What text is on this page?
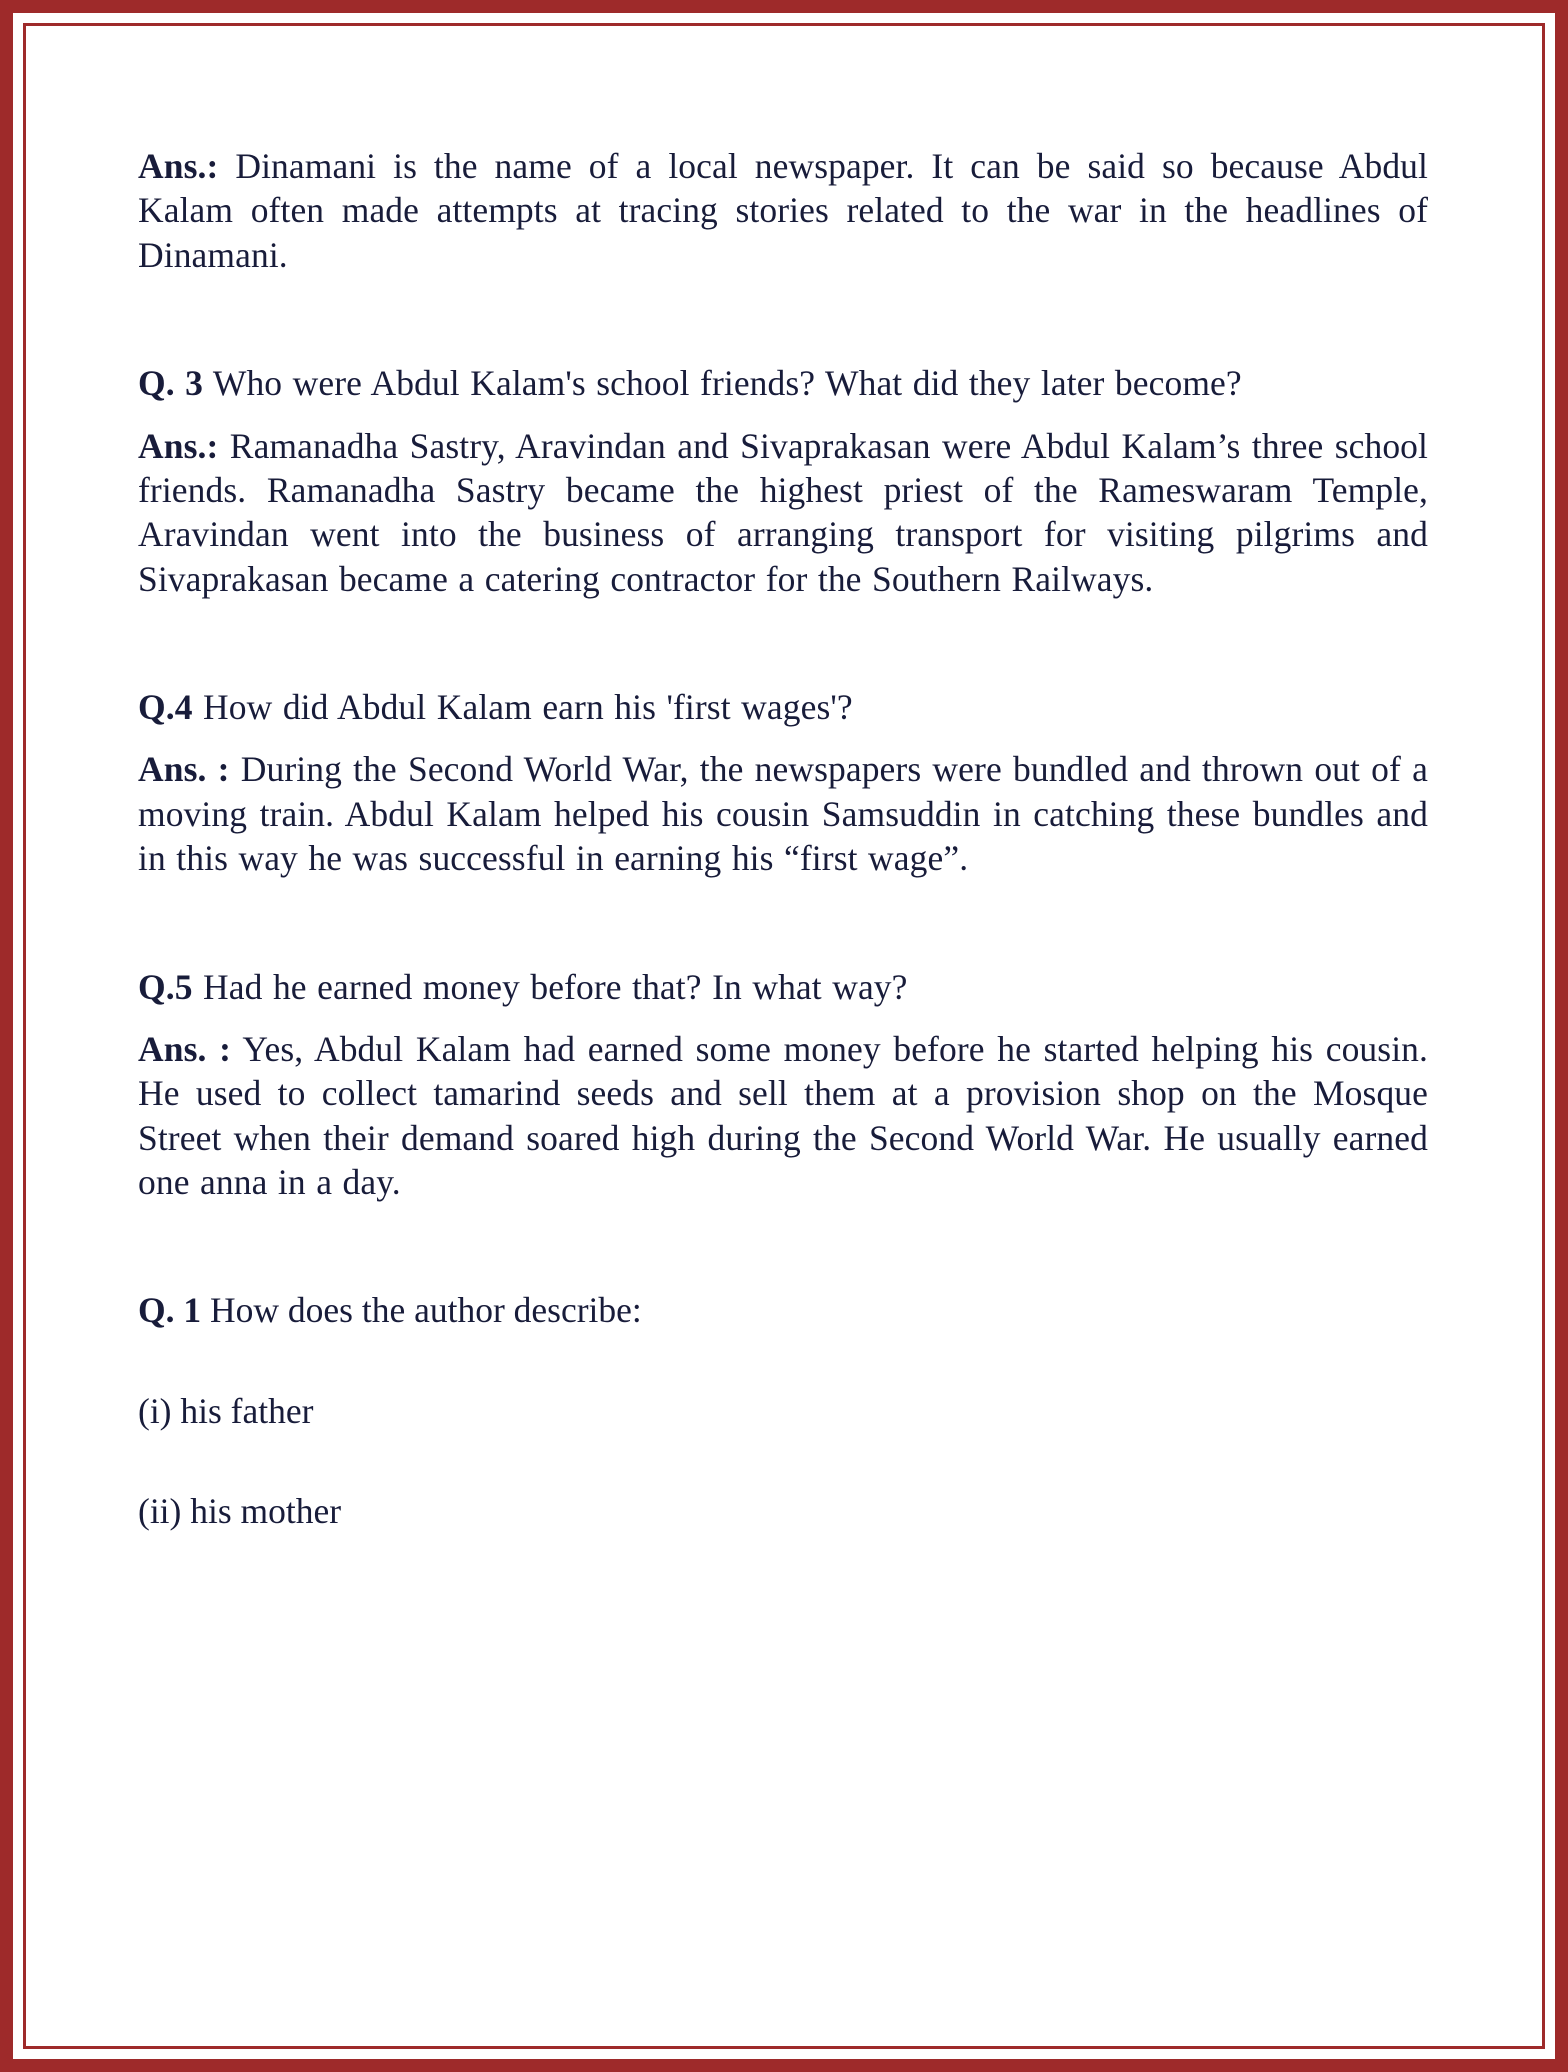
Ans.: Dinamani is the name of a local newspaper. It can be said so because Abdul Kalam often made attempts at tracing stories related to the war in the headlines of Dinamani.

Q. 3 Who were Abdul Kalam's school friends? What did they later become?

Ans.: Ramanadha Sastry, Aravindan and Sivaprakasan were Abdul Kalam’s three school friends. Ramanadha Sastry became the highest priest of the Rameswaram Temple, Aravindan went into the business of arranging transport for visiting pilgrims and Sivaprakasan became a catering contractor for the Southern Railways.

Q.4 How did Abdul Kalam earn his 'first wages'?

Ans. : During the Second World War, the newspapers were bundled and thrown out of a moving train. Abdul Kalam helped his cousin Samsuddin in catching these bundles and in this way he was successful in earning his “first wage”.

Q.5 Had he earned money before that? In what way?

Ans. : Yes, Abdul Kalam had earned some money before he started helping his cousin. He used to collect tamarind seeds and sell them at a provision shop on the Mosque Street when their demand soared high during the Second World War. He usually earned one anna in a day.

Q. 1 How does the author describe:

(i) his father

(ii) his mother
